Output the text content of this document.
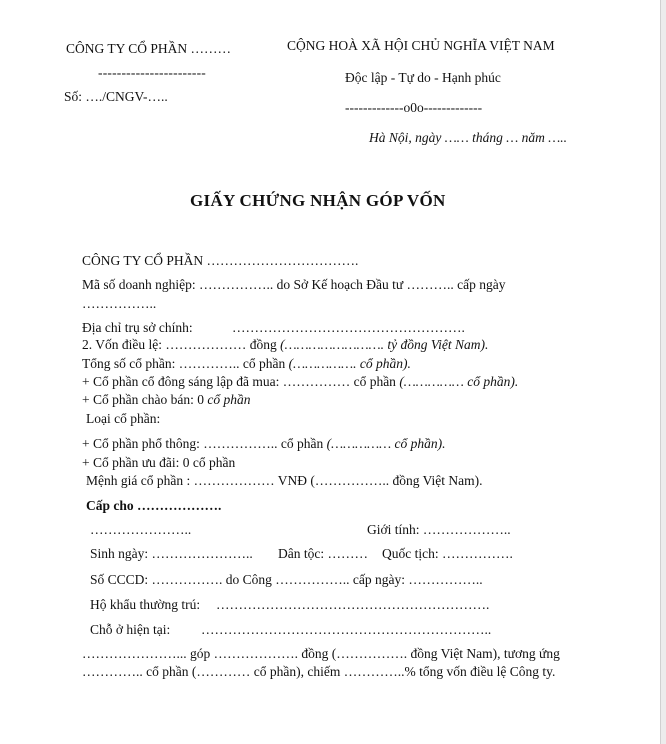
CÔNG TY CỔ PHẦN ………
-----------------------
Số: …./CNGV-…..
CỘNG HOÀ XÃ HỘI CHỦ NGHĨA VIỆT NAM
Độc lập - Tự do - Hạnh phúc
-------------o0o-------------
Hà Nội, ngày …… tháng … năm …..
GIẤY CHỨNG NHẬN GÓP VỐN
CÔNG TY CỔ PHẦN …………………………….
Mã số doanh nghiệp: …………….. do Sở Kế hoạch Đầu tư ……….. cấp ngày
……………..
Địa chỉ trụ sở chính:	…………………………………………….
2. Vốn điều lệ: ……………… đồng (……………………. tỷ đồng Việt Nam).
Tổng số cổ phần: ………….. cổ phần (……………. cổ phần).
+ Cổ phần cổ đông sáng lập đã mua: …………… cổ phần (…………… cổ phần).
+ Cổ phần chào bán: 0 cổ phần
Loại cổ phần:
+ Cổ phần phổ thông: …………….. cổ phần (…………… cổ phần).
+ Cổ phần ưu đãi: 0 cổ phần
Mệnh giá cổ phần : ……………… VNĐ (…………….. đồng Việt Nam).
Cấp cho ……………….
…………………..	Giới tính: ………………..
Sinh ngày: ………………….. Dân tộc: ……… Quốc tịch: …………….
Số CCCD: ……………. do Công …………….. cấp ngày: ……………..
Hộ khẩu thường trú: …………………………………………………….
Chỗ ở hiện tại: ………………………………………………………..
…………………... góp ………………. đồng (……………. đồng Việt Nam), tương ứng
………….. cổ phần (………… cổ phần), chiếm …………..% tổng vốn điều lệ Công ty.
